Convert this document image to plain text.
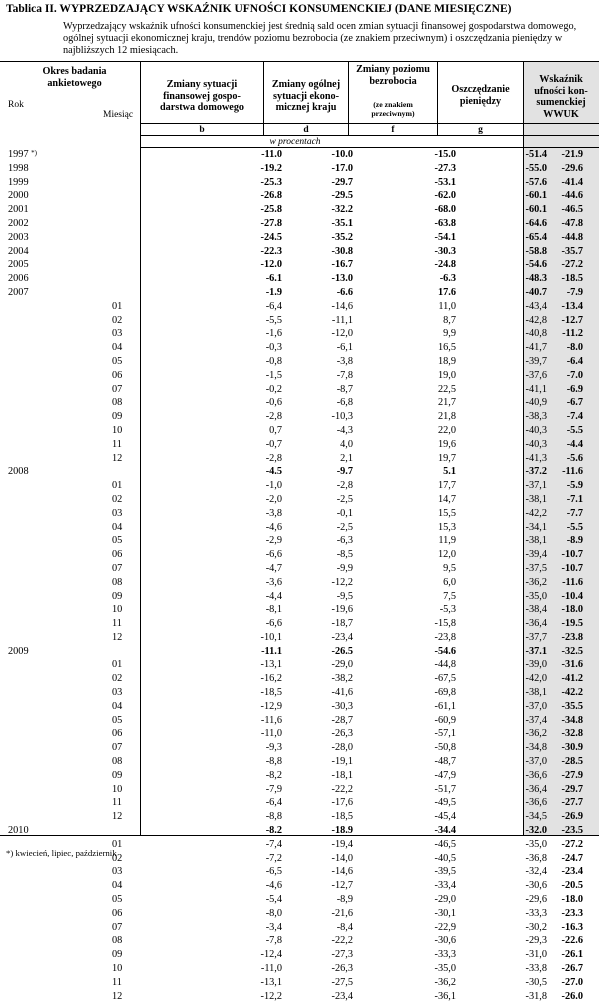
Tablica II. WYPRZEDZAJĄCY WSKAŹNIK UFNOŚCI KONSUMENCKIEJ (DANE MIESIĘCZNE)
Wyprzedzający wskaźnik ufności konsumenckiej jest średnią sald ocen zmian sytuacji finansowej gospodarstwa domowego, ogólnej sytuacji ekonomicznej kraju, trendów poziomu bezrobocia (ze znakiem przeciwnym) i oszczędzania pieniędzy w najbliższych 12 miesiącach.
Okres badania ankietowego
Rok
Miesiąc
Zmiany sytuacji finansowej gospo-darstwa domowego
Zmiany ogólnej sytuacji ekono-micznej kraju
Zmiany poziomu bezrobocia
(ze znakiem przeciwnym)
Oszczędzanie pieniędzy
Wskaźnik ufności kon-sumenckiej WWUK
b	d	f	g
w procentach
1997 *)	-11.0	-10.0	-15.0	-51.4	-21.9
1998	-19.2	-17.0	-27.3	-55.0	-29.6
1999	-25.3	-29.7	-53.1	-57.6	-41.4
2000	-26.8	-29.5	-62.0	-60.1	-44.6
2001	-25.8	-32.2	-68.0	-60.1	-46.5
2002	-27.8	-35.1	-63.8	-64.6	-47.8
2003	-24.5	-35.2	-54.1	-65.4	-44.8
2004	-22.3	-30.8	-30.3	-58.8	-35.7
2005	-12.0	-16.7	-24.8	-54.6	-27.2
2006	-6.1	-13.0	-6.3	-48.3	-18.5
2007	-1.9	-6.6	17.6	-40.7	-7.9
01	-6,4	-14,6	11,0	-43,4	-13.4
02	-5,5	-11,1	8,7	-42,8	-12.7
03	-1,6	-12,0	9,9	-40,8	-11.2
04	-0,3	-6,1	16,5	-41,7	-8.0
05	-0,8	-3,8	18,9	-39,7	-6.4
06	-1,5	-7,8	19,0	-37,6	-7.0
07	-0,2	-8,7	22,5	-41,1	-6.9
08	-0,6	-6,8	21,7	-40,9	-6.7
09	-2,8	-10,3	21,8	-38,3	-7.4
10	0,7	-4,3	22,0	-40,3	-5.5
11	-0,7	4,0	19,6	-40,3	-4.4
12	-2,8	2,1	19,7	-41,3	-5.6
2008	-4.5	-9.7	5.1	-37.2	-11.6
01	-1,0	-2,8	17,7	-37,1	-5.9
02	-2,0	-2,5	14,7	-38,1	-7.1
03	-3,8	-0,1	15,5	-42,2	-7.7
04	-4,6	-2,5	15,3	-34,1	-5.5
05	-2,9	-6,3	11,9	-38,1	-8.9
06	-6,6	-8,5	12,0	-39,4	-10.7
07	-4,7	-9,9	9,5	-37,5	-10.7
08	-3,6	-12,2	6,0	-36,2	-11.6
09	-4,4	-9,5	7,5	-35,0	-10.4
10	-8,1	-19,6	-5,3	-38,4	-18.0
11	-6,6	-18,7	-15,8	-36,4	-19.5
12	-10,1	-23,4	-23,8	-37,7	-23.8
2009	-11.1	-26.5	-54.6	-37.1	-32.5
01	-13,1	-29,0	-44,8	-39,0	-31.6
02	-16,2	-38,2	-67,5	-42,0	-41.2
03	-18,5	-41,6	-69,8	-38,1	-42.2
04	-12,9	-30,3	-61,1	-37,0	-35.5
05	-11,6	-28,7	-60,9	-37,4	-34.8
06	-11,0	-26,3	-57,1	-36,2	-32.8
07	-9,3	-28,0	-50,8	-34,8	-30.9
08	-8,8	-19,1	-48,7	-37,0	-28.5
09	-8,2	-18,1	-47,9	-36,6	-27.9
10	-7,9	-22,2	-51,7	-36,4	-29.7
11	-6,4	-17,6	-49,5	-36,6	-27.7
12	-8,8	-18,5	-45,4	-34,5	-26.9
2010	-8.2	-18.9	-34.4	-32.0	-23.5
01	-7,4	-19,4	-46,5	-35,0	-27.2
02	-7,2	-14,0	-40,5	-36,8	-24.7
03	-6,5	-14,6	-39,5	-32,4	-23.4
04	-4,6	-12,7	-33,4	-30,6	-20.5
05	-5,4	-8,9	-29,0	-29,6	-18.0
06	-8,0	-21,6	-30,1	-33,3	-23.3
07	-3,4	-8,4	-22,9	-30,2	-16.3
08	-7,8	-22,2	-30,6	-29,3	-22.6
09	-12,4	-27,3	-33,3	-31,0	-26.1
10	-11,0	-26,3	-35,0	-33,8	-26.7
11	-13,1	-27,5	-36,2	-30,5	-27.0
12	-12,2	-23,4	-36,1	-31,8	-26.0
*) kwiecień, lipiec, październik
